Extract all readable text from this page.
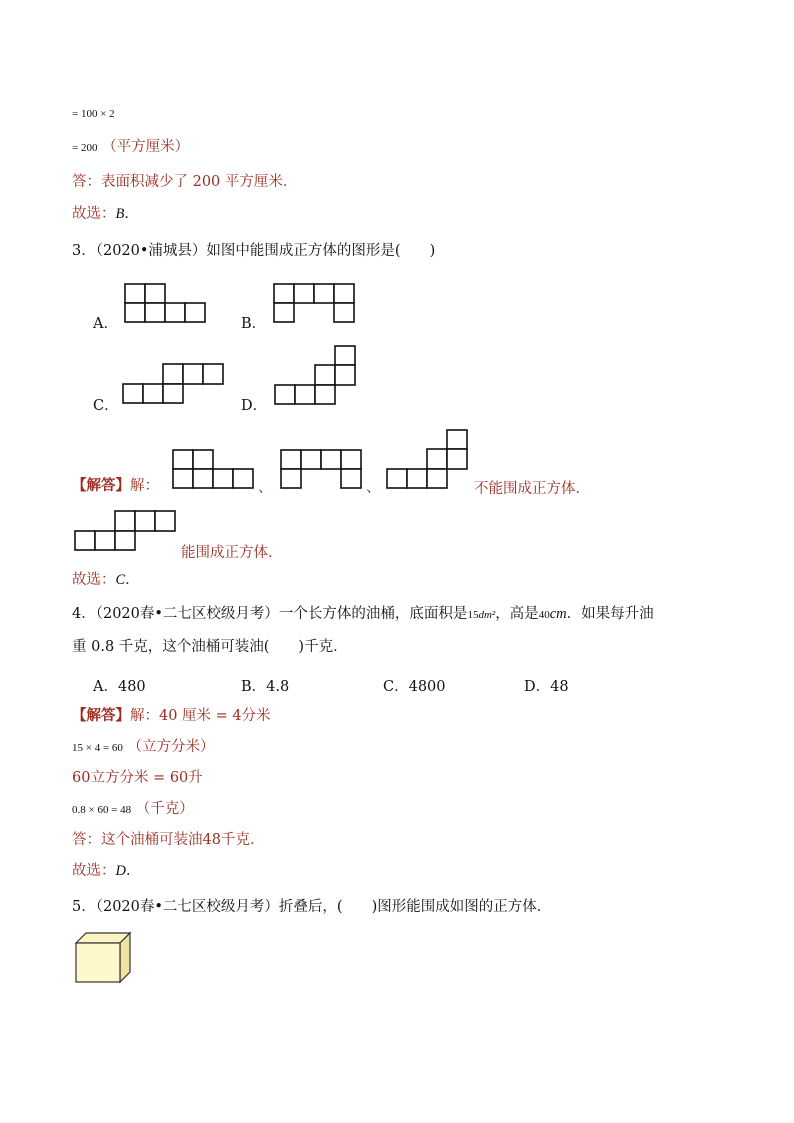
= 100 × 2
= 200 （平方厘米）
答：表面积减少了 200 平方厘米．
故选：B．
3．（2020•浦城县）如图中能围成正方体的图形是(　　)
A．	B．
C．	D．
【解答】解：	、	、	不能围成正方体．
能围成正方体．
故选：C．
4．（2020春•二七区校级月考）一个长方体的油桶，底面积是15dm²，高是40cm．如果每升油
重 0.8 千克，这个油桶可装油(　　)千克．
A．480	B．4.8	C．4800	D．48
【解答】解：40 厘米 = 4分米
15 × 4 = 60 （立方分米）
60立方分米 = 60升
0.8 × 60 = 48 （千克）
答：这个油桶可装油48千克．
故选：D．
5．（2020春•二七区校级月考）折叠后，(　　)图形能围成如图的正方体．
